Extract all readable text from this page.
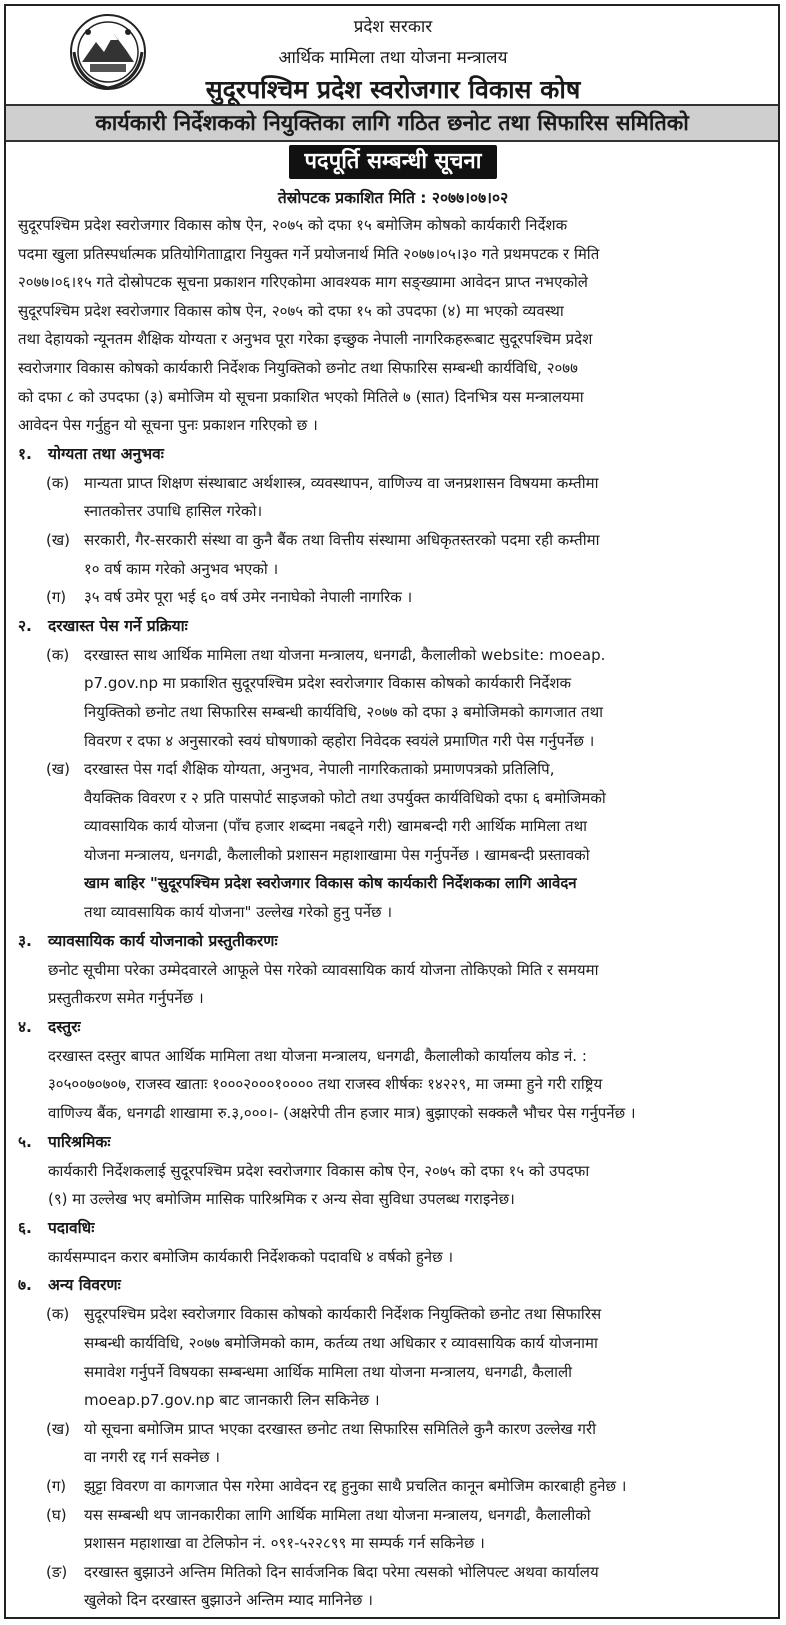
प्रदेश सरकार
आर्थिक मामिला तथा योजना मन्त्रालय
सुदूरपश्चिम प्रदेश स्वरोजगार विकास कोष
कार्यकारी निर्देशकको नियुक्तिका लागि गठित छनोट तथा सिफारिस समितिको
पदपूर्ति सम्बन्धी सूचना
तेस्रोपटक प्रकाशित मिति : २०७७।०७।०२
सुदूरपश्चिम प्रदेश स्वरोजगार विकास कोष ऐन, २०७५ को दफा १५ बमोजिम कोषको कार्यकारी निर्देशक
पदमा खुला प्रतिस्पर्धात्मक प्रतियोगितााद्वारा नियुक्त गर्ने प्रयोजनार्थ मिति २०७७।०५।३० गते प्रथमपटक र मिति
२०७७।०६।१५ गते दोस्रोपटक सूचना प्रकाशन गरिएकोमा आवश्यक माग सङ्ख्यामा आवेदन प्राप्त नभएकोले
सुदूरपश्चिम प्रदेश स्वरोजगार विकास कोष ऐन, २०७५ को दफा १५ को उपदफा (४) मा भएको व्यवस्था
तथा देहायको न्यूनतम शैक्षिक योग्यता र अनुभव पूरा गरेका इच्छुक नेपाली नागरिकहरूबाट सुदूरपश्चिम प्रदेश
स्वरोजगार विकास कोषको कार्यकारी निर्देशक नियुक्तिको छनोट तथा सिफारिस सम्बन्धी कार्यविधि, २०७७
को दफा ८ को उपदफा (३) बमोजिम यो सूचना प्रकाशित भएको मितिले ७ (सात) दिनभित्र यस मन्त्रालयमा
आवेदन पेस गर्नुहुन यो सूचना पुनः प्रकाशन गरिएको छ ।
१. योग्यता तथा अनुभवः
(क) मान्यता प्राप्त शिक्षण संस्थाबाट अर्थशास्त्र, व्यवस्थापन, वाणिज्य वा जनप्रशासन विषयमा कम्तीमा
स्नातकोत्तर उपाधि हासिल गरेको।
(ख) सरकारी, गैर-सरकारी संस्था वा कुनै बैंक तथा वित्तीय संस्थामा अधिकृतस्तरको पदमा रही कम्तीमा
१० वर्ष काम गरेको अनुभव भएको ।
(ग)	३५ वर्ष उमेर पूरा भई ६० वर्ष उमेर ननाघेको नेपाली नागरिक ।
२. दरखास्त पेस गर्ने प्रक्रियाः
(क) दरखास्त साथ आर्थिक मामिला तथा योजना मन्त्रालय, धनगढी, कैलालीको website: moeap.
p7.gov.np मा प्रकाशित सुदूरपश्चिम प्रदेश स्वरोजगार विकास कोषको कार्यकारी निर्देशक
नियुक्तिको छनोट तथा सिफारिस सम्बन्धी कार्यविधि, २०७७ को दफा ३ बमोजिमको कागजात तथा
विवरण र दफा ४ अनुसारको स्वयं घोषणाको व्हहोरा निवेदक स्वयंले प्रमाणित गरी पेस गर्नुपर्नेछ ।
(ख) दरखास्त पेस गर्दा शैक्षिक योग्यता, अनुभव, नेपाली नागरिकताको प्रमाणपत्रको प्रतिलिपि,
वैयक्तिक विवरण र २ प्रति पासपोर्ट साइजको फोटो तथा उपर्युक्त कार्यविधिको दफा ६ बमोजिमको
व्यावसायिक कार्य योजना (पाँच हजार शब्दमा नबढ्ने गरी) खामबन्दी गरी आर्थिक मामिला तथा
योजना मन्त्रालय, धनगढी, कैलालीको प्रशासन महाशाखामा पेस गर्नुपर्नेछ । खामबन्दी प्रस्तावको
खाम बाहिर "सुदूरपश्चिम प्रदेश स्वरोजगार विकास कोष कार्यकारी निर्देशकका लागि आवेदन
तथा व्यावसायिक कार्य योजना" उल्लेख गरेको हुनु पर्नेछ ।
३. व्यावसायिक कार्य योजनाको प्रस्तुतीकरणः
छनोट सूचीमा परेका उम्मेदवारले आफूले पेस गरेको व्यावसायिक कार्य योजना तोकिएको मिति र समयमा
प्रस्तुतीकरण समेत गर्नुपर्नेछ ।
४. दस्तुरः
दरखास्त दस्तुर बापत आर्थिक मामिला तथा योजना मन्त्रालय, धनगढी, कैलालीको कार्यालय कोड नं. :
३०५००७०७०७, राजस्व खाताः १०००२०००१०००० तथा राजस्व शीर्षकः १४२२९, मा जम्मा हुने गरी राष्ट्रिय
वाणिज्य बैंक, धनगढी शाखामा रु.३,०००।- (अक्षरेपी तीन हजार मात्र) बुझाएको सक्कलै भौचर पेस गर्नुपर्नेछ ।
५. पारिश्रमिकः
कार्यकारी निर्देशकलाई सुदूरपश्चिम प्रदेश स्वरोजगार विकास कोष ऐन, २०७५ को दफा १५ को उपदफा
(९) मा उल्लेख भए बमोजिम मासिक पारिश्रमिक र अन्य सेवा सुविधा उपलब्ध गराइनेछ।
६. पदावधिः
कार्यसम्पादन करार बमोजिम कार्यकारी निर्देशकको पदावधि ४ वर्षको हुनेछ ।
७. अन्य विवरणः
(क) सुदूरपश्चिम प्रदेश स्वरोजगार विकास कोषको कार्यकारी निर्देशक नियुक्तिको छनोट तथा सिफारिस
सम्बन्धी कार्यविधि, २०७७ बमोजिमको काम, कर्तव्य तथा अधिकार र व्यावसायिक कार्य योजनामा
समावेश गर्नुपर्ने विषयका सम्बन्धमा आर्थिक मामिला तथा योजना मन्त्रालय, धनगढी, कैलाली
moeap.p7.gov.np बाट जानकारी लिन सकिनेछ ।
(ख) यो सूचना बमोजिम प्राप्त भएका दरखास्त छनोट तथा सिफारिस समितिले कुनै कारण उल्लेख गरी
वा नगरी रद्द गर्न सक्नेछ ।
(ग)	झुट्टा विवरण वा कागजात पेस गरेमा आवेदन रद्द हुनुका साथै प्रचलित कानून बमोजिम कारबाही हुनेछ ।
(घ)	यस सम्बन्धी थप जानकारीका लागि आर्थिक मामिला तथा योजना मन्त्रालय, धनगढी, कैलालीको
प्रशासन महाशाखा वा टेलिफोन नं. ०९१-५२२८९९ मा सम्पर्क गर्न सकिनेछ ।
(ङ)	दरखास्त बुझाउने अन्तिम मितिको दिन सार्वजनिक बिदा परेमा त्यसको भोलिपल्ट अथवा कार्यालय
खुलेको दिन दरखास्त बुझाउने अन्तिम म्याद मानिनेछ ।
